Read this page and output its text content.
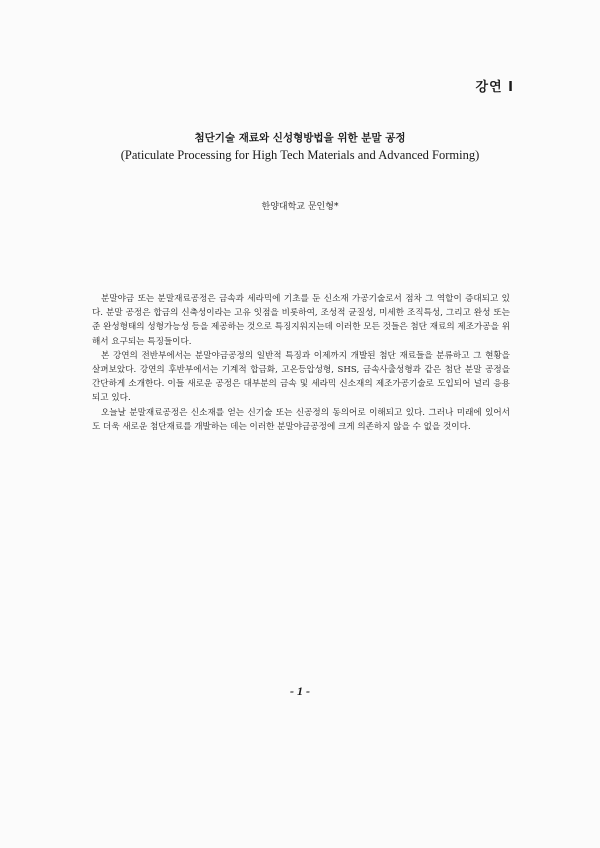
강연 I
첨단기술 재료와 신성형방법을 위한 분말 공정
(Paticulate Processing for High Tech Materials and Advanced Forming)
한양대학교 문인형*

분말야금 또는 분말재료공정은 금속과 세라믹에 기초를 둔 신소재 가공기술로서 점차 그 역할이 증대되고 있다. 분말 공정은 합금의 신축성이라는 고유 잇점을 비롯하여, 조성적 균질성, 미세한 조직특성, 그리고 완성 또는 준 완성형태의 성형가능성 등을 제공하는 것으로 특징지워지는데 이러한 모든 것들은 첨단 재료의 제조가공을 위해서 요구되는 특징들이다.

본 강연의 전반부에서는 분말야금공정의 일반적 특징과 이제까지 개발된 첨단 재료들을 분류하고 그 현황을 살펴보았다. 강연의 후반부에서는 기계적 합금화, 고온등압성형, SHS, 금속사출성형과 같은 첨단 분말 공정을 간단하게 소개한다. 이들 새로운 공정은 대부분의 금속 및 세라믹 신소재의 제조가공기술로 도입되어 널리 응용되고 있다.

오늘날 분말재료공정은 신소재를 얻는 신기술 또는 신공정의 동의어로 이해되고 있다. 그러나 미래에 있어서도 더욱 새로운 첨단재료를 개발하는 데는 이러한 분말야금공정에 크게 의존하지 않을 수 없을 것이다.

- 1 -
